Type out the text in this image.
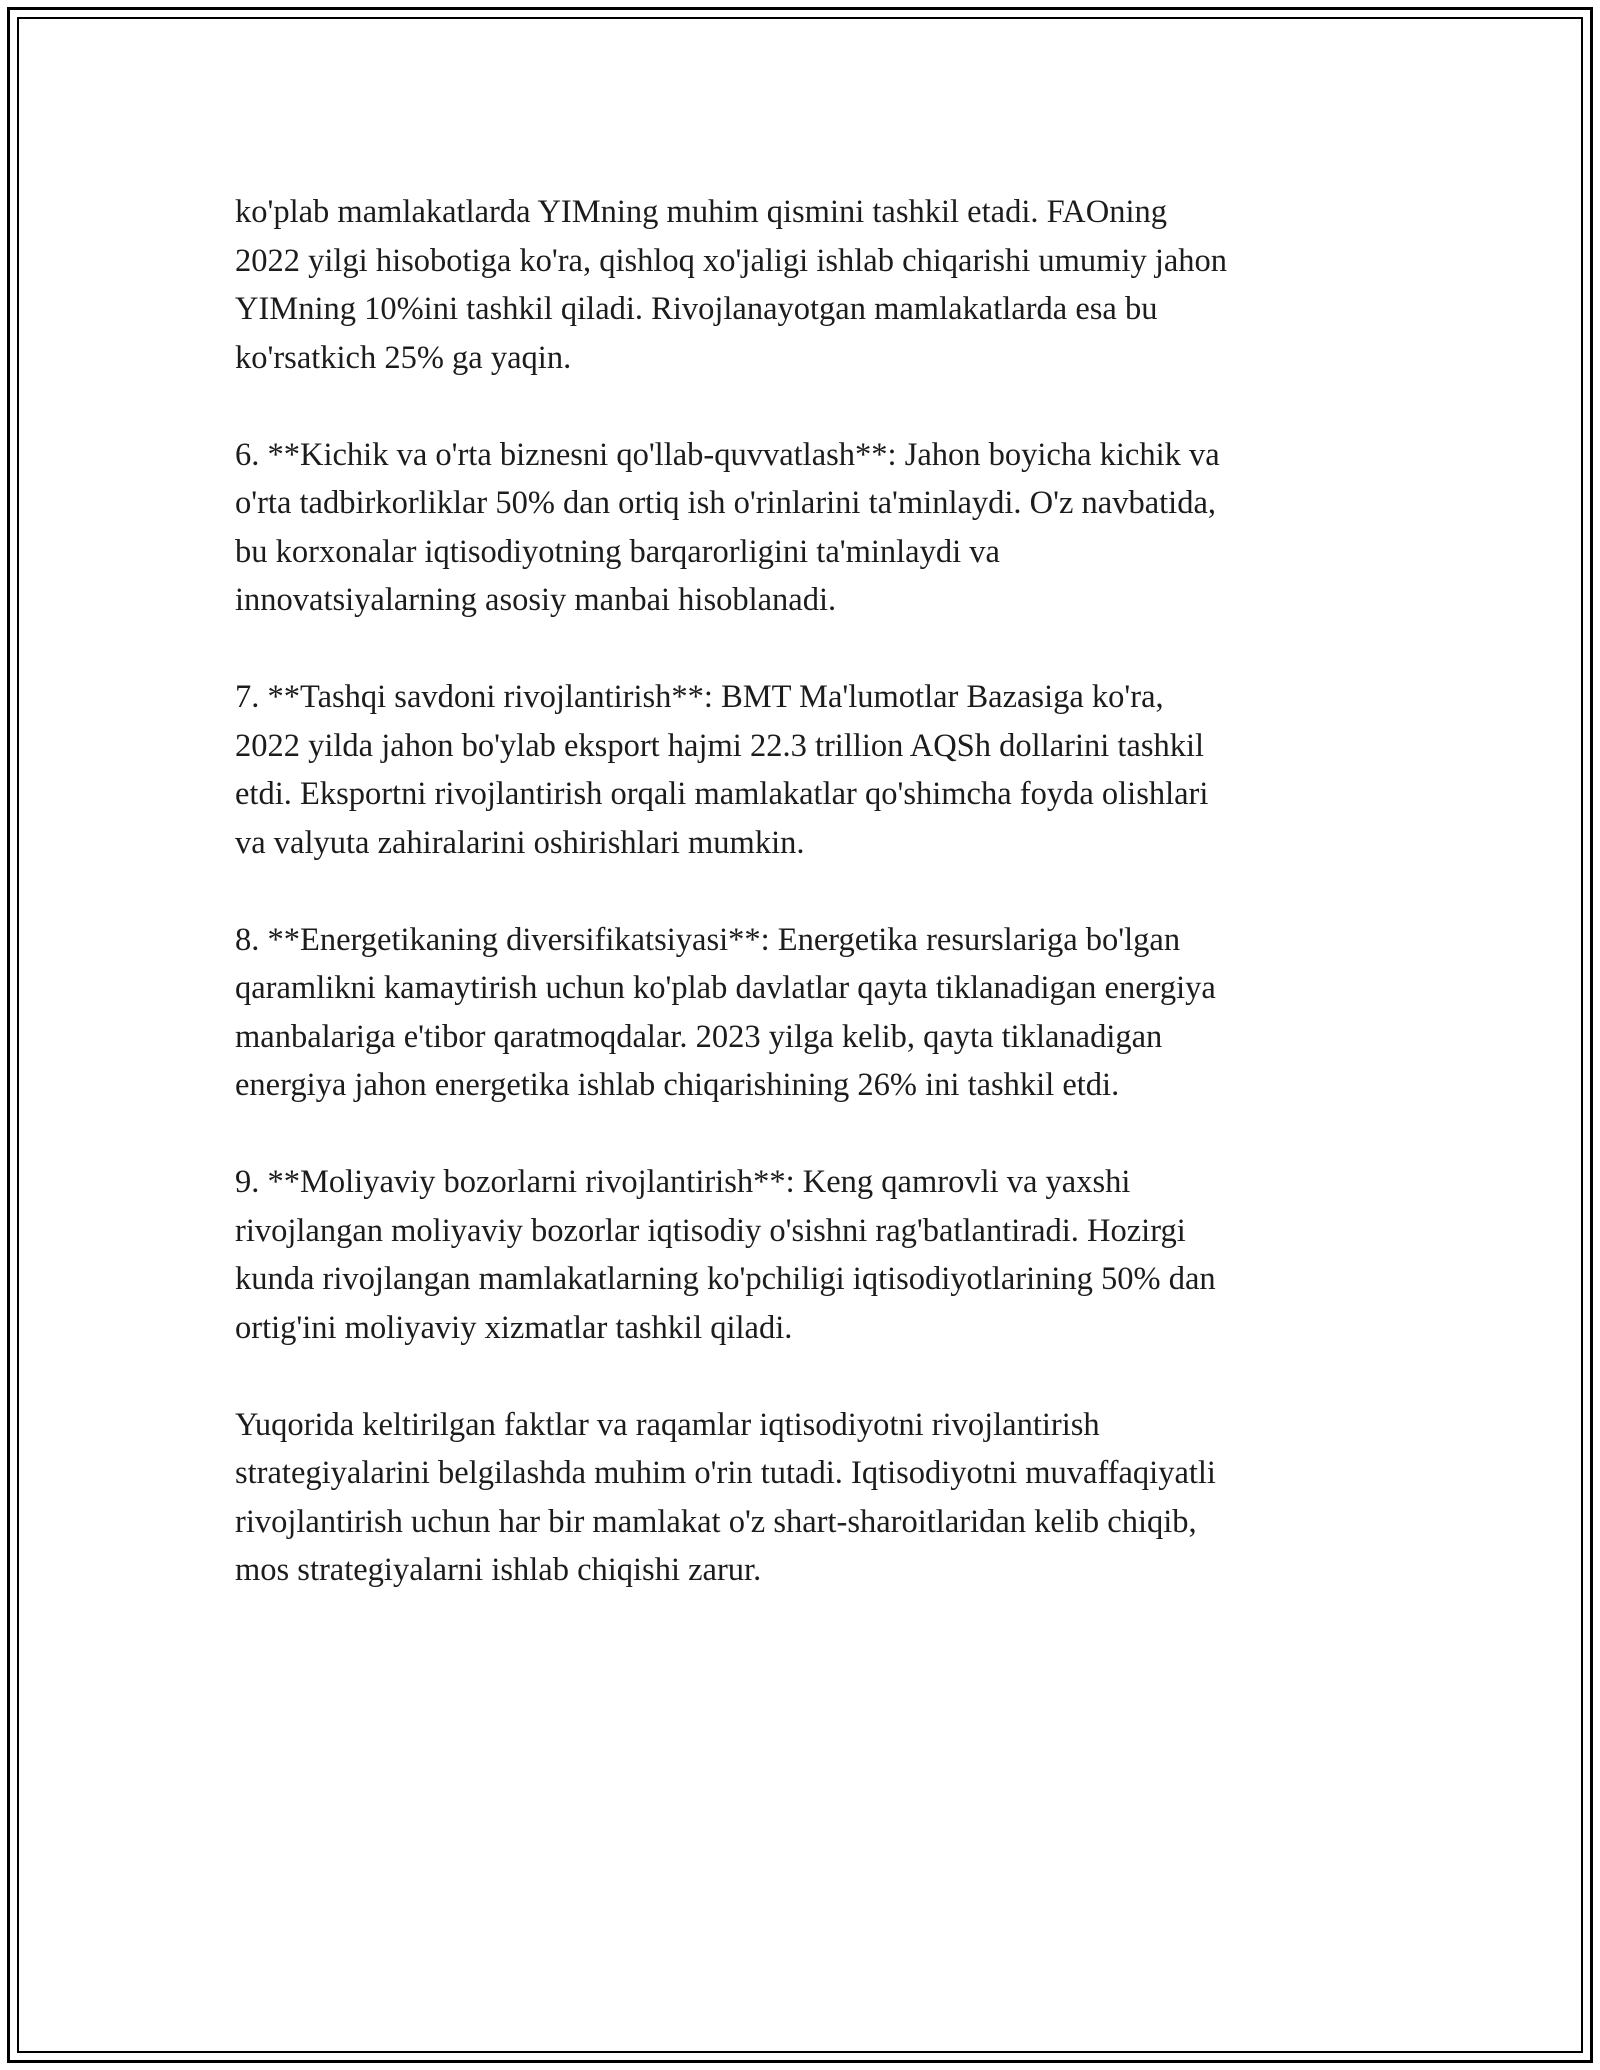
ko'plab mamlakatlarda YIMning muhim qismini tashkil etadi. FAOning
2022 yilgi hisobotiga ko'ra, qishloq xo'jaligi ishlab chiqarishi umumiy jahon
YIMning 10%ini tashkil qiladi. Rivojlanayotgan mamlakatlarda esa bu
ko'rsatkich 25% ga yaqin.

6. **Kichik va o'rta biznesni qo'llab-quvvatlash**: Jahon boyicha kichik va
o'rta tadbirkorliklar 50% dan ortiq ish o'rinlarini ta'minlaydi. O'z navbatida,
bu korxonalar iqtisodiyotning barqarorligini ta'minlaydi va
innovatsiyalarning asosiy manbai hisoblanadi.

7. **Tashqi savdoni rivojlantirish**: BMT Ma'lumotlar Bazasiga ko'ra,
2022 yilda jahon bo'ylab eksport hajmi 22.3 trillion AQSh dollarini tashkil
etdi. Eksportni rivojlantirish orqali mamlakatlar qo'shimcha foyda olishlari
va valyuta zahiralarini oshirishlari mumkin.

8. **Energetikaning diversifikatsiyasi**: Energetika resurslariga bo'lgan
qaramlikni kamaytirish uchun ko'plab davlatlar qayta tiklanadigan energiya
manbalariga e'tibor qaratmoqdalar. 2023 yilga kelib, qayta tiklanadigan
energiya jahon energetika ishlab chiqarishining 26% ini tashkil etdi.

9. **Moliyaviy bozorlarni rivojlantirish**: Keng qamrovli va yaxshi
rivojlangan moliyaviy bozorlar iqtisodiy o'sishni rag'batlantiradi. Hozirgi
kunda rivojlangan mamlakatlarning ko'pchiligi iqtisodiyotlarining 50% dan
ortig'ini moliyaviy xizmatlar tashkil qiladi.

Yuqorida keltirilgan faktlar va raqamlar iqtisodiyotni rivojlantirish
strategiyalarini belgilashda muhim o'rin tutadi. Iqtisodiyotni muvaffaqiyatli
rivojlantirish uchun har bir mamlakat o'z shart-sharoitlaridan kelib chiqib,
mos strategiyalarni ishlab chiqishi zarur.
